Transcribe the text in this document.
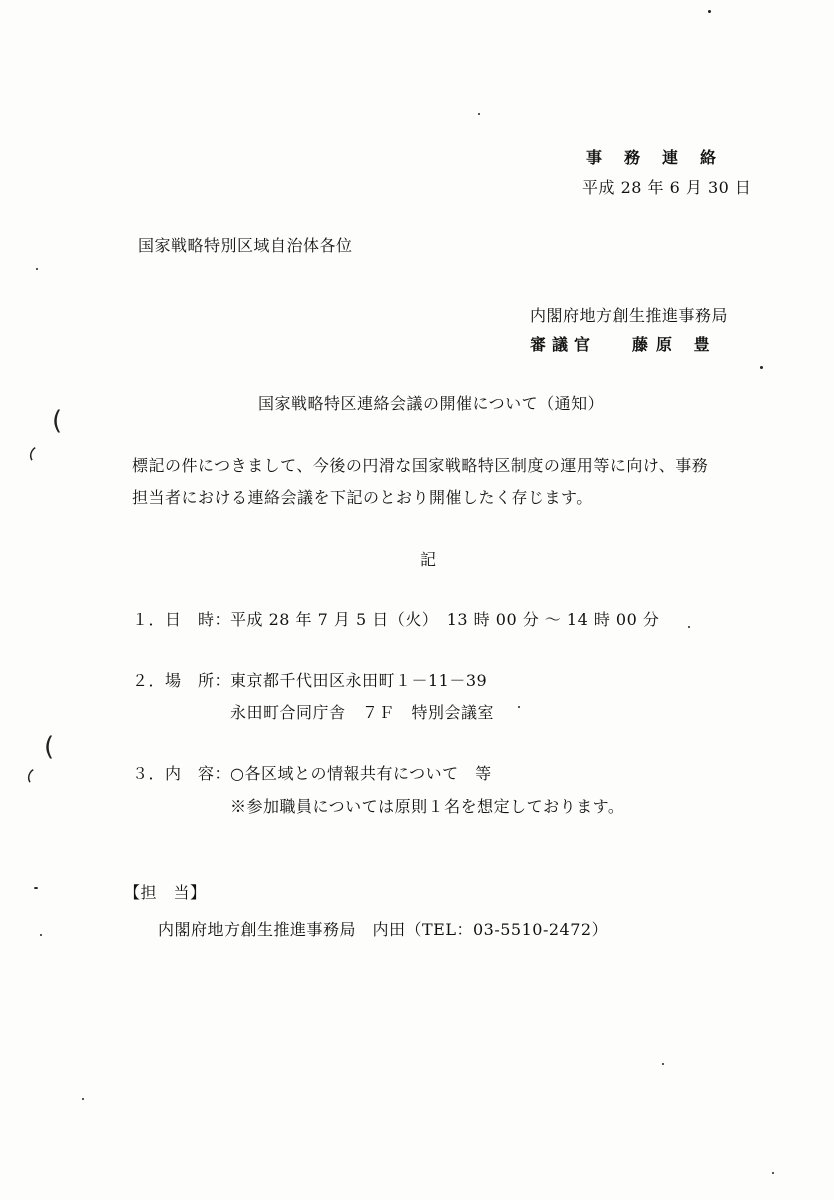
事務連絡
平成 28 年 6 月 30 日
国家戦略特別区域自治体各位
内閣府地方創生推進事務局
審議官 藤原 豊
国家戦略特区連絡会議の開催について（通知）
標記の件につきまして、今後の円滑な国家戦略特区制度の運用等に向け、事務
担当者における連絡会議を下記のとおり開催したく存じます。
記
１．日　時：
平成 28 年 7 月 5 日（火）　13 時 00 分 ～ 14 時 00 分
２．場　所：
東京都千代田区永田町１－11－39
永田町合同庁舎　７Ｆ　特別会議室
３．内　容：
○各区域との情報共有について　等
※参加職員については原則１名を想定しております。
【担　当】
内閣府地方創生推進事務局　内田（TEL：03-5510-2472）
(
◜
(
◜
